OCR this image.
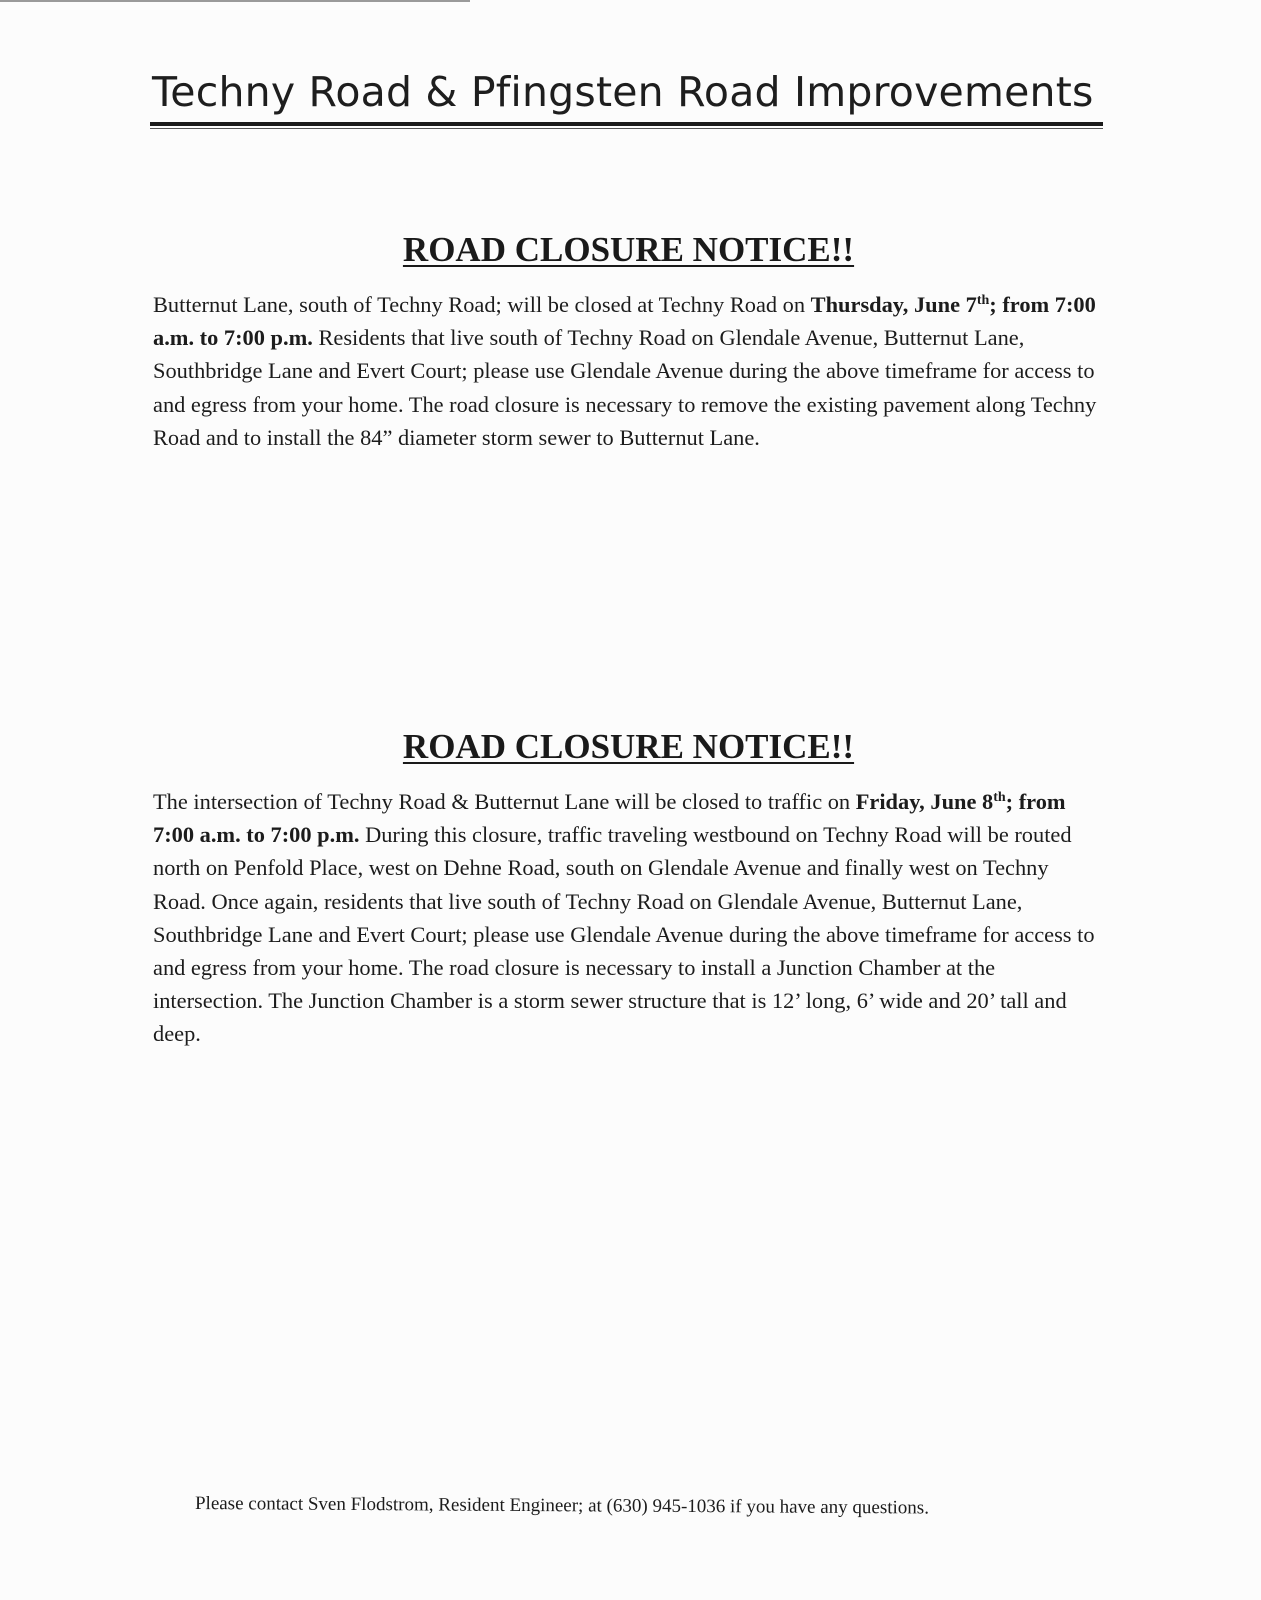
Techny Road & Pfingsten Road Improvements
ROAD CLOSURE NOTICE!!

Butternut Lane, south of Techny Road; will be closed at Techny Road on Thursday, June 7th; from 7:00 a.m. to 7:00 p.m. Residents that live south of Techny Road on Glendale Avenue, Butternut Lane, Southbridge Lane and Evert Court; please use Glendale Avenue during the above timeframe for access to and egress from your home. The road closure is necessary to remove the existing pavement along Techny Road and to install the 84” diameter storm sewer to Butternut Lane.

ROAD CLOSURE NOTICE!!

The intersection of Techny Road & Butternut Lane will be closed to traffic on Friday, June 8th; from 7:00 a.m. to 7:00 p.m. During this closure, traffic traveling westbound on Techny Road will be routed north on Penfold Place, west on Dehne Road, south on Glendale Avenue and finally west on Techny Road. Once again, residents that live south of Techny Road on Glendale Avenue, Butternut Lane, Southbridge Lane and Evert Court; please use Glendale Avenue during the above timeframe for access to and egress from your home. The road closure is necessary to install a Junction Chamber at the intersection. The Junction Chamber is a storm sewer structure that is 12’ long, 6’ wide and 20’ tall and deep.

Please contact Sven Flodstrom, Resident Engineer; at (630) 945-1036 if you have any questions.
